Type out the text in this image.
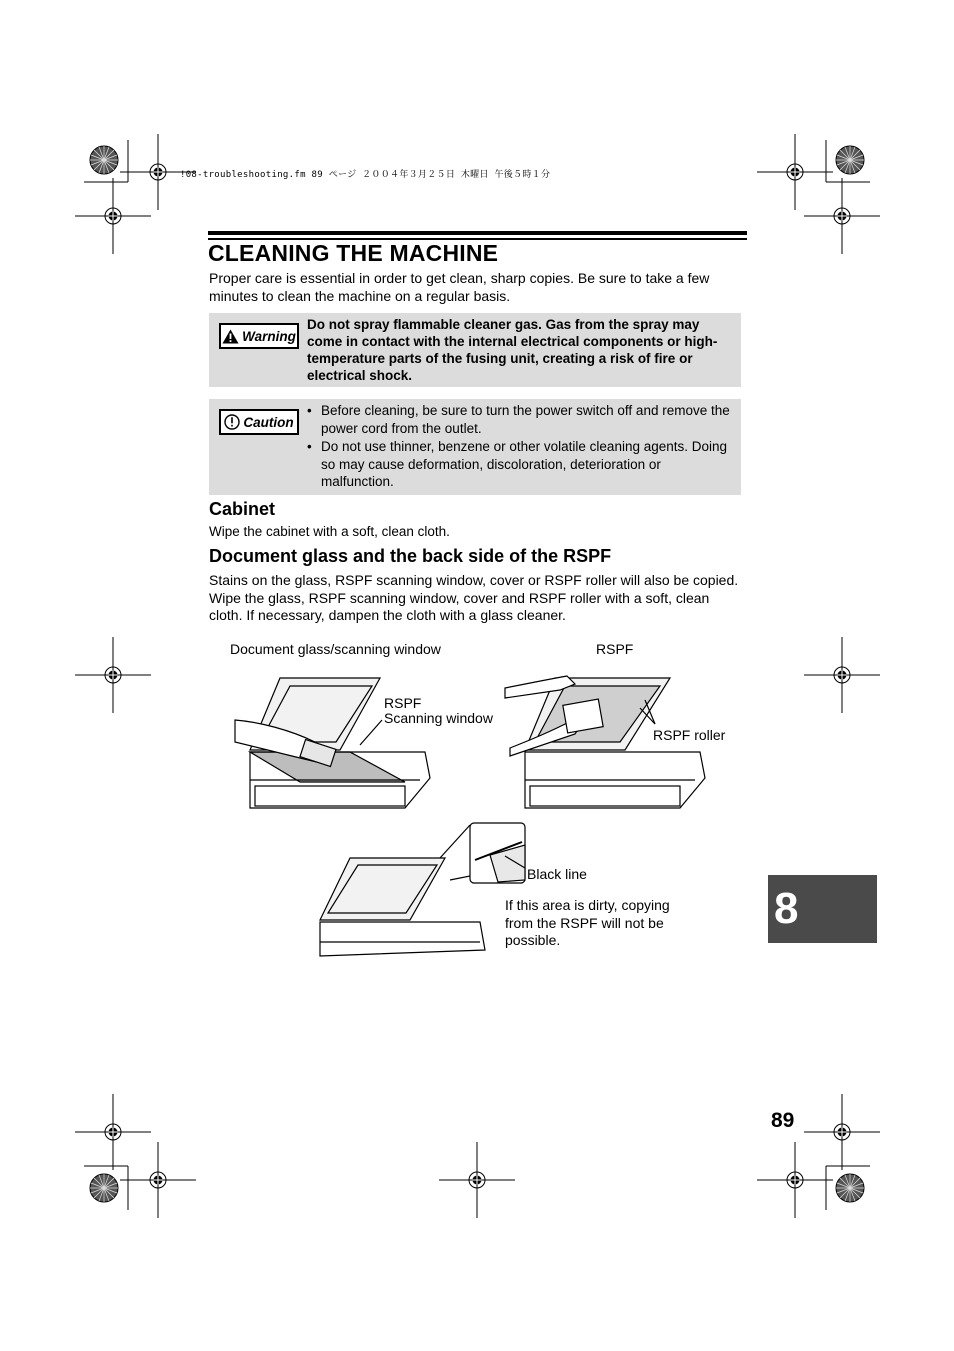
!08-troubleshooting.fm 89 ページ ２００４年３月２５日 木曜日 午後５時１分
CLEANING THE MACHINE
Proper care is essential in order to get clean, sharp copies. Be sure to take a few minutes to clean the machine on a regular basis.
Warning
Do not spray flammable cleaner gas. Gas from the spray may come in contact with the internal electrical components or high-temperature parts of the fusing unit, creating a risk of fire or electrical shock.
Caution
• Before cleaning, be sure to turn the power switch off and remove the power cord from the outlet.
• Do not use thinner, benzene or other volatile cleaning agents. Doing so may cause deformation, discoloration, deterioration or malfunction.
Cabinet
Wipe the cabinet with a soft, clean cloth.
Document glass and the back side of the RSPF
Stains on the glass, RSPF scanning window, cover or RSPF roller will also be copied. Wipe the glass, RSPF scanning window, cover and RSPF roller with a soft, clean cloth. If necessary, dampen the cloth with a glass cleaner.
Document glass/scanning window	RSPF
RSPF
Scanning window
RSPF roller
Black line
If this area is dirty, copying from the RSPF will not be possible.
8
89
